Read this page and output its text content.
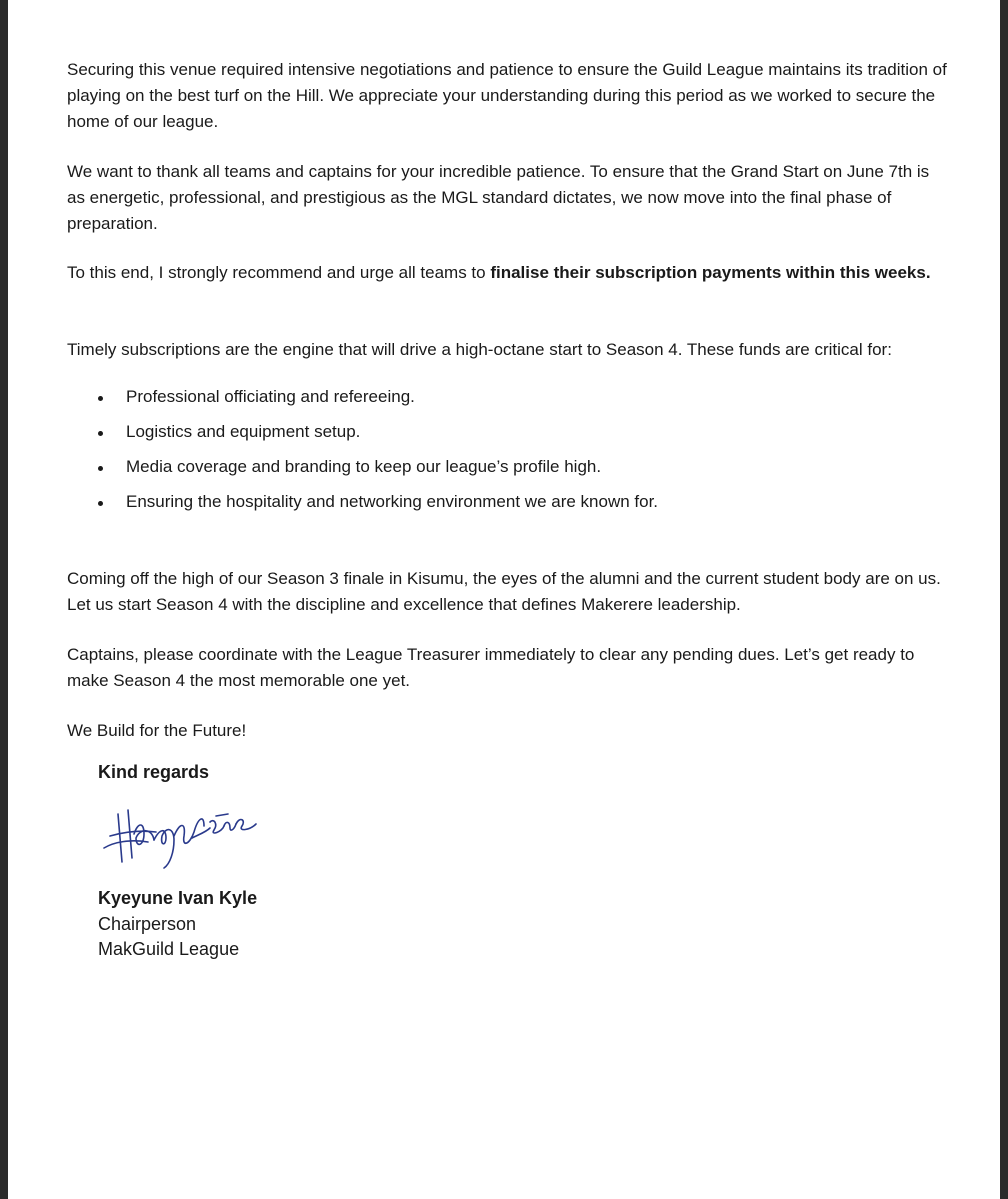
Securing this venue required intensive negotiations and patience to ensure the Guild League maintains its tradition of playing on the best turf on the Hill. We appreciate your understanding during this period as we worked to secure the home of our league.

We want to thank all teams and captains for your incredible patience. To ensure that the Grand Start on June 7th is as energetic, professional, and prestigious as the MGL standard dictates, we now move into the final phase of preparation.

To this end, I strongly recommend and urge all teams to finalise their subscription payments within this weeks.

Timely subscriptions are the engine that will drive a high-octane start to Season 4. These funds are critical for:

Professional officiating and refereeing.
Logistics and equipment setup.
Media coverage and branding to keep our league’s profile high.
Ensuring the hospitality and networking environment we are known for.

Coming off the high of our Season 3 finale in Kisumu, the eyes of the alumni and the current student body are on us. Let us start Season 4 with the discipline and excellence that defines Makerere leadership.

Captains, please coordinate with the League Treasurer immediately to clear any pending dues. Let’s get ready to make Season 4 the most memorable one yet.

We Build for the Future!

Kind regards

Kyeyune Ivan Kyle

Chairperson

MakGuild League
